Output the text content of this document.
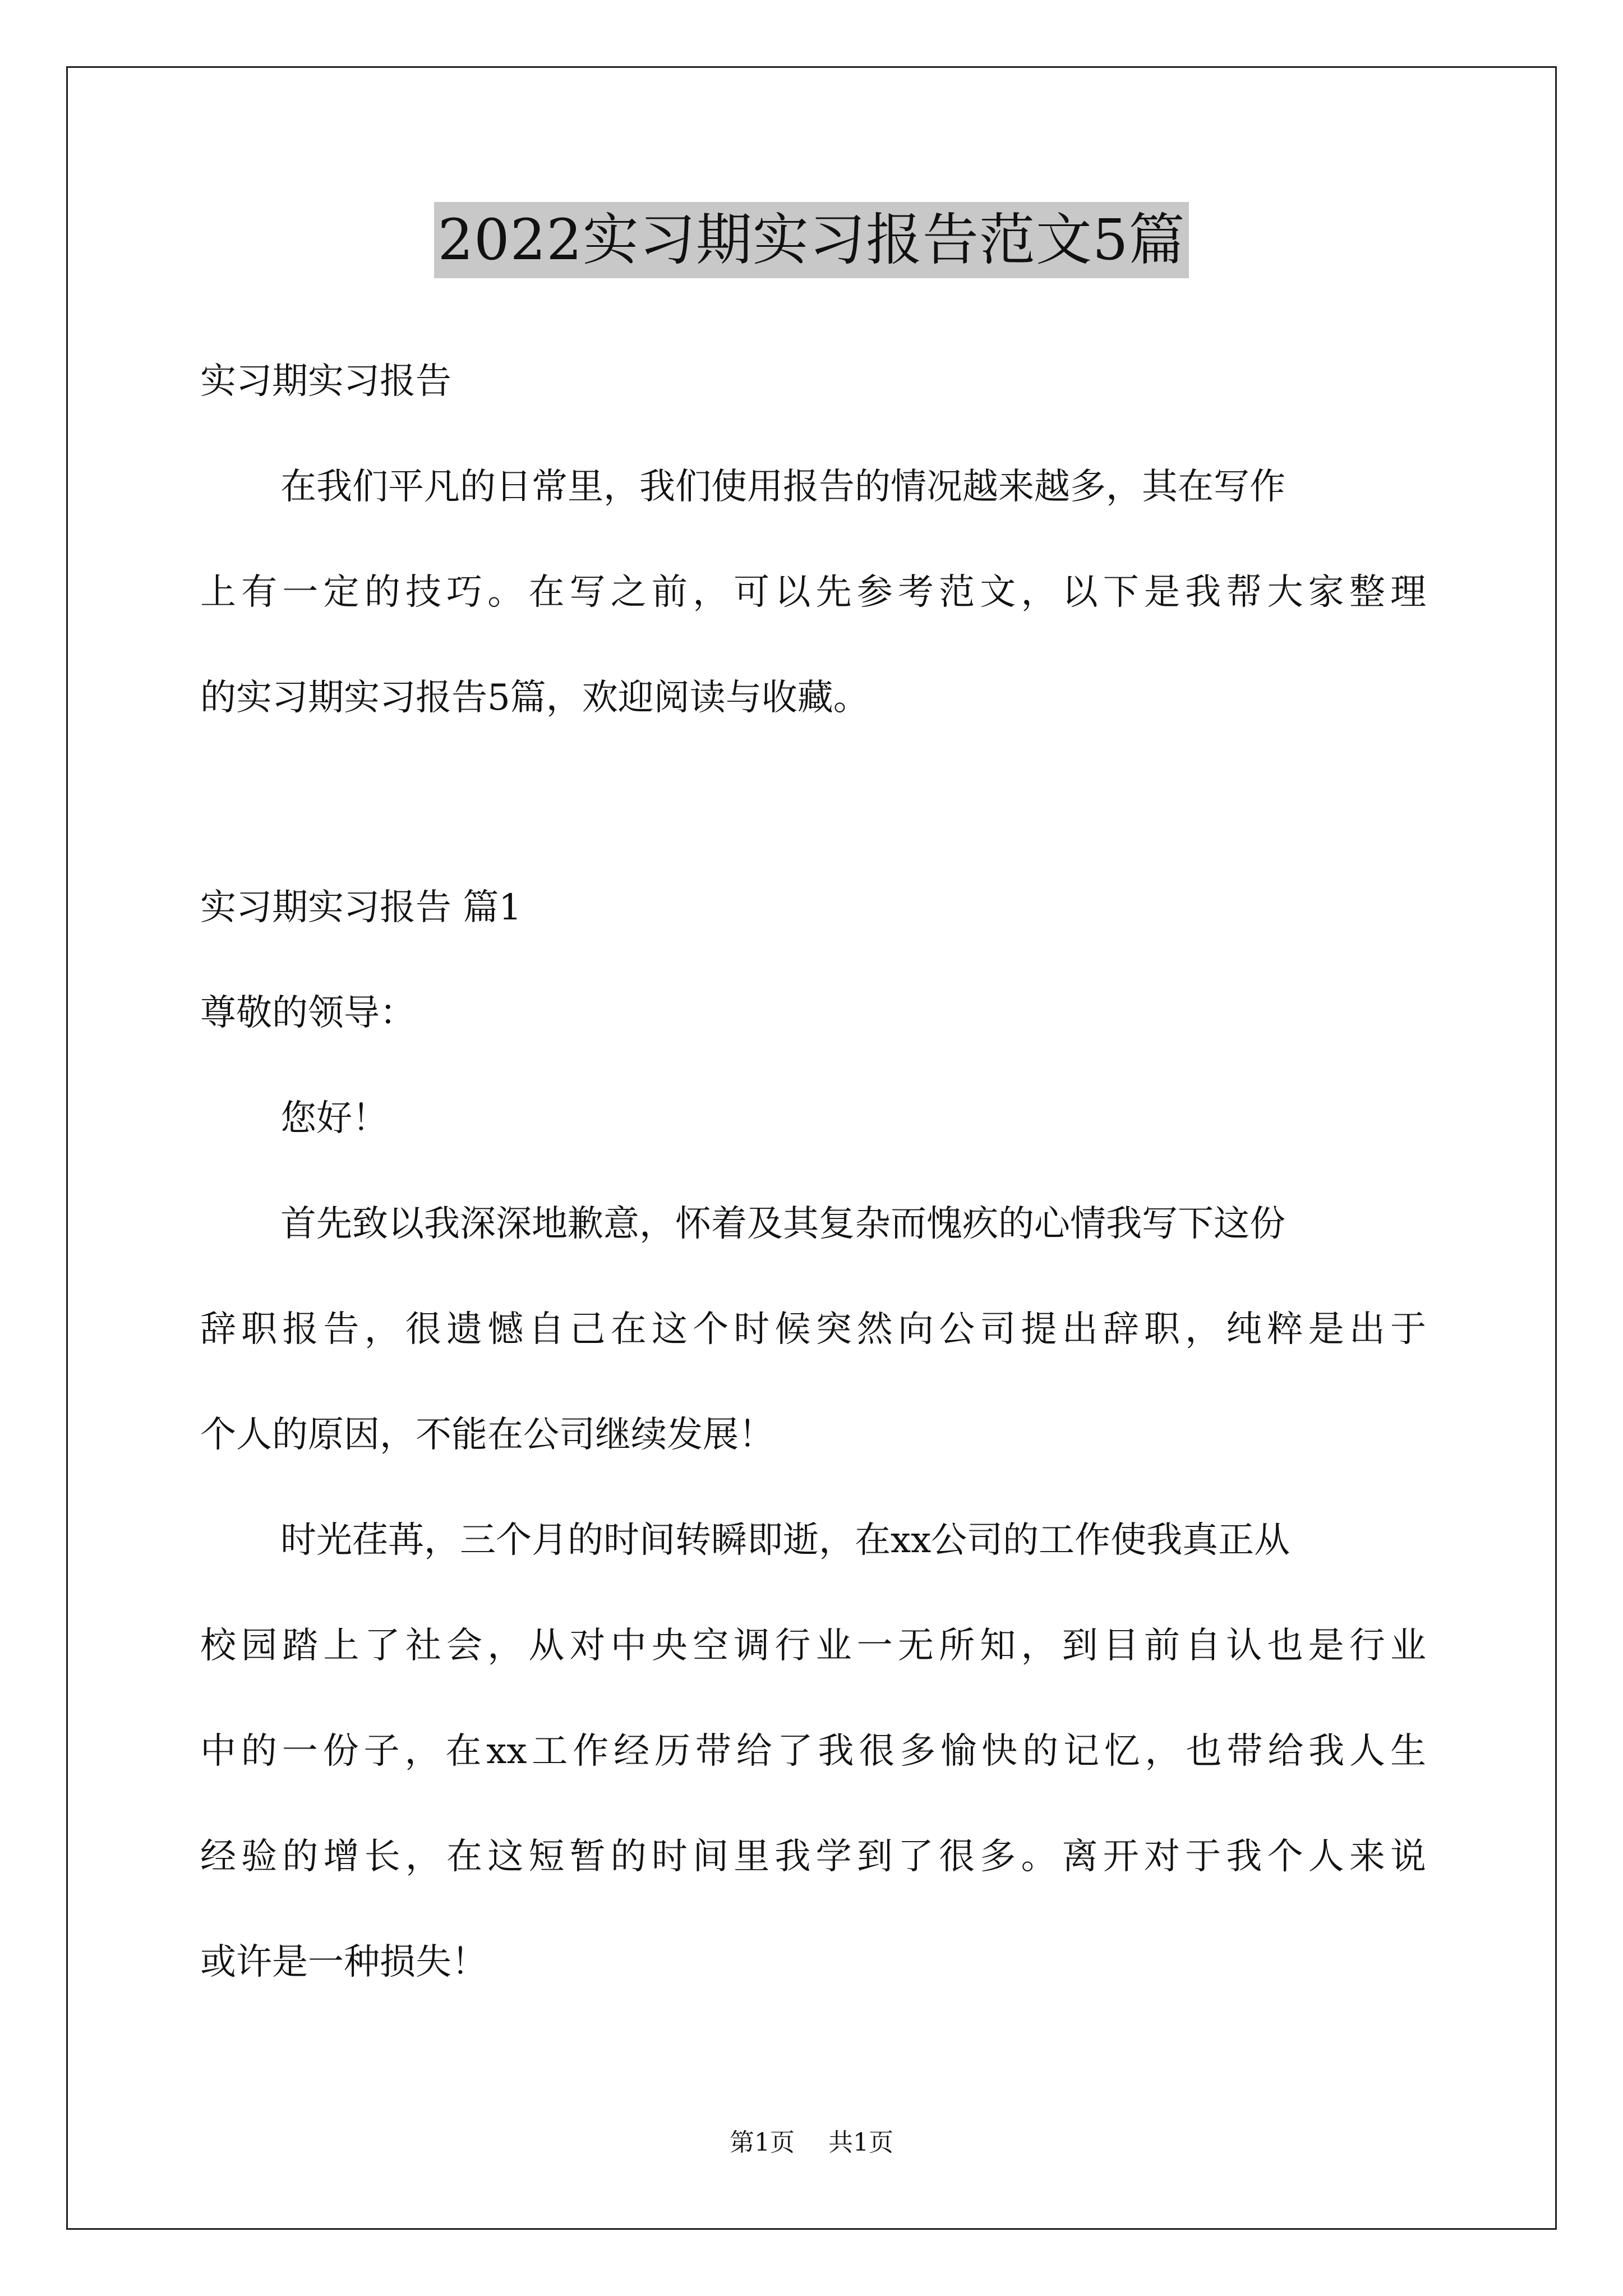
2022实习期实习报告范文5篇
实习期实习报告
在我们平凡的日常里，我们使用报告的情况越来越多，其在写作
上有一定的技巧。在写之前，可以先参考范文，以下是我帮大家整理
的实习期实习报告5篇，欢迎阅读与收藏。
实习期实习报告 篇1
尊敬的领导：
您好！
首先致以我深深地歉意，怀着及其复杂而愧疚的心情我写下这份
辞职报告，很遗憾自己在这个时候突然向公司提出辞职，纯粹是出于
个人的原因，不能在公司继续发展！
时光荏苒，三个月的时间转瞬即逝，在xx公司的工作使我真正从
校园踏上了社会，从对中央空调行业一无所知，到目前自认也是行业
中的一份子，在xx工作经历带给了我很多愉快的记忆，也带给我人生
经验的增长，在这短暂的时间里我学到了很多。离开对于我个人来说
或许是一种损失！
第1页 共1页
